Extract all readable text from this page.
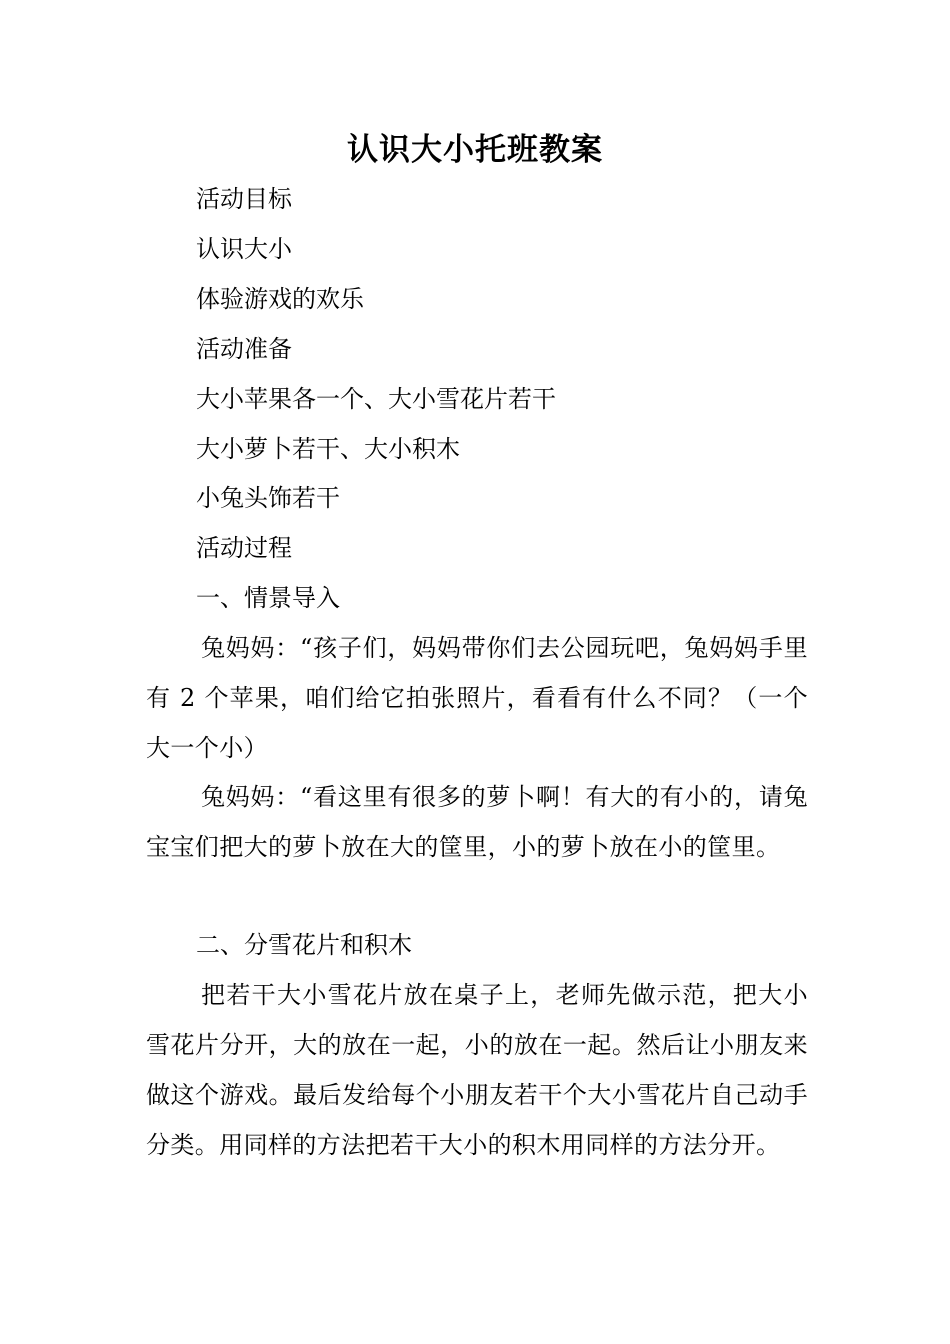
认识大小托班教案
活动目标
认识大小
体验游戏的欢乐
活动准备
大小苹果各一个、大小雪花片若干
大小萝卜若干、大小积木
小兔头饰若干
活动过程
一、情景导入
兔妈妈：“孩子们，妈妈带你们去公园玩吧，兔妈妈手里有 2 个苹果，咱们给它拍张照片，看看有什么不同？（一个大一个小）
兔妈妈：“看这里有很多的萝卜啊！有大的有小的，请兔宝宝们把大的萝卜放在大的筐里，小的萝卜放在小的筐里。
二、分雪花片和积木
把若干大小雪花片放在桌子上，老师先做示范，把大小雪花片分开，大的放在一起，小的放在一起。然后让小朋友来做这个游戏。最后发给每个小朋友若干个大小雪花片自己动手分类。用同样的方法把若干大小的积木用同样的方法分开。
